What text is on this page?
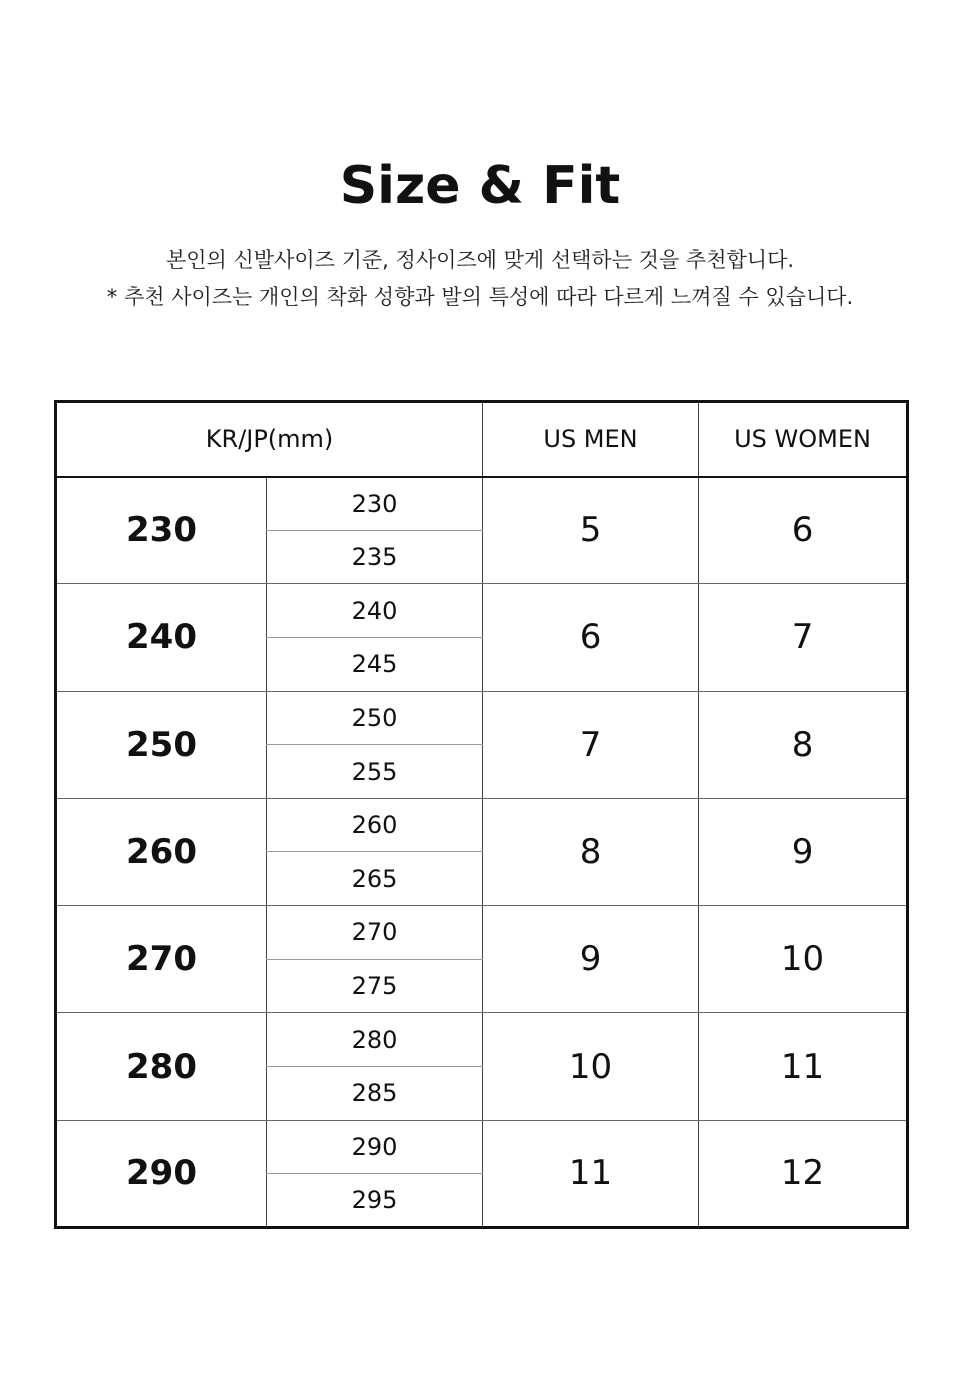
Size & Fit
본인의 신발사이즈 기준, 정사이즈에 맞게 선택하는 것을 추천합니다.
* 추천 사이즈는 개인의 착화 성향과 발의 특성에 따라 다르게 느껴질 수 있습니다.
KR/JP(mm)		US MEN	US WOMEN
230	230	5	6
	235		
240	240	6	7
	245		
250	250	7	8
	255		
260	260	8	9
	265		
270	270	9	10
	275		
280	280	10	11
	285		
290	290	11	12
	295		
